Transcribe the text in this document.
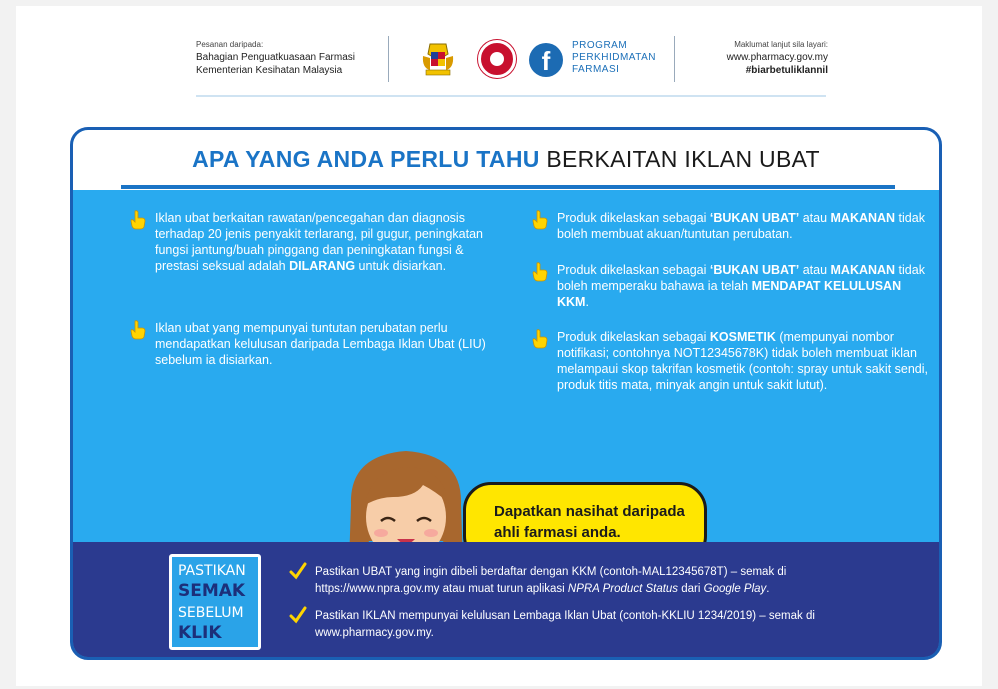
Pesanan daripada:
Bahagian Penguatkuasaan Farmasi
Kementerian Kesihatan Malaysia	f
PROGRAM
PERKHIDMATAN
FARMASI
Maklumat lanjut sila layari:
www.pharmacy.gov.my
#biarbetuliklannil
APA YANG ANDA PERLU TAHU BERKAITAN IKLAN UBAT
Iklan ubat berkaitan rawatan/pencegahan dan diagnosis terhadap 20 jenis penyakit terlarang, pil gugur, peningkatan fungsi jantung/buah pinggang dan peningkatan fungsi & prestasi seksual adalah DILARANG untuk disiarkan.
Iklan ubat yang mempunyai tuntutan perubatan perlu mendapatkan kelulusan daripada Lembaga Iklan Ubat (LIU) sebelum ia disiarkan.
Produk dikelaskan sebagai ‘BUKAN UBAT’ atau MAKANAN tidak boleh membuat akuan/tuntutan perubatan.
Produk dikelaskan sebagai ‘BUKAN UBAT’ atau MAKANAN tidak boleh memperaku bahawa ia telah MENDAPAT KELULUSAN KKM.
Produk dikelaskan sebagai KOSMETIK (mempunyai nombor notifikasi; contohnya NOT12345678K) tidak boleh membuat iklan melampaui skop takrifan kosmetik (contoh: spray untuk sakit sendi, produk titis mata, minyak angin untuk sakit lutut).
Dapatkan nasihat daripada
ahli farmasi anda.
PASTIKAN
SEMAK
SEBELUM
KLIK
Pastikan UBAT yang ingin dibeli berdaftar dengan KKM (contoh-MAL12345678T) – semak di https://www.npra.gov.my atau muat turun aplikasi NPRA Product Status dari Google Play.
Pastikan IKLAN mempunyai kelulusan Lembaga Iklan Ubat (contoh-KKLIU 1234/2019) – semak di www.pharmacy.gov.my.
